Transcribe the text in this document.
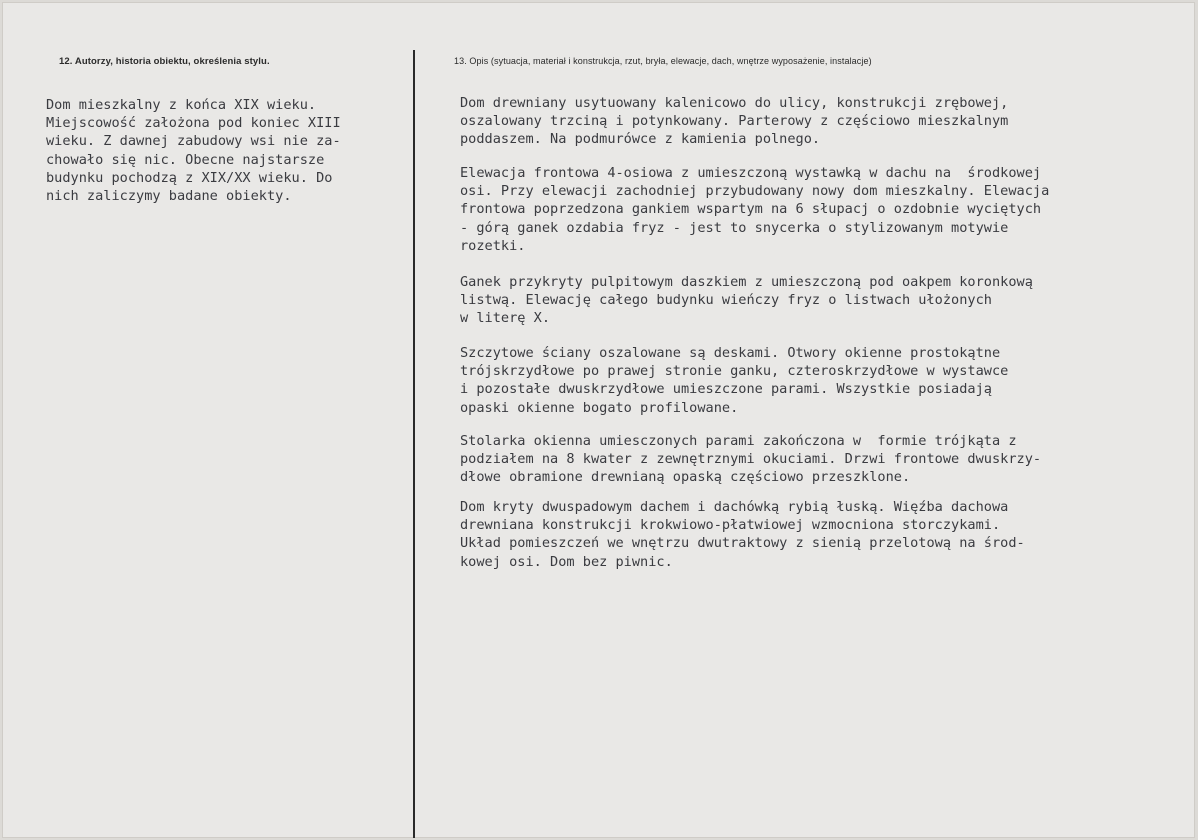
12. Autorzy, historia obiektu, określenia stylu.	13. Opis (sytuacja, materiał i konstrukcja, rzut, bryła, elewacje, dach, wnętrze wyposażenie, instalacje)
Dom mieszkalny z końca XIX wieku.
Miejscowość założona pod koniec XIII
wieku. Z dawnej zabudowy wsi nie za-
chowało się nic. Obecne najstarsze
budynku pochodzą z XIX/XX wieku. Do
nich zaliczymy badane obiekty.
Dom drewniany usytuowany kalenicowo do ulicy, konstrukcji zrębowej,
oszalowany trzciną i potynkowany. Parterowy z częściowo mieszkalnym
poddaszem. Na podmurówce z kamienia polnego.
Elewacja frontowa 4-osiowa z umieszczoną wystawką w dachu na  środkowej
osi. Przy elewacji zachodniej przybudowany nowy dom mieszkalny. Elewacja
frontowa poprzedzona gankiem wspartym na 6 słupacj o ozdobnie wyciętych
- górą ganek ozdabia fryz - jest to snycerka o stylizowanym motywie
rozetki.
Ganek przykryty pulpitowym daszkiem z umieszczoną pod oakpem koronkową
listwą. Elewację całego budynku wieńczy fryz o listwach ułożonych
w literę X.
Szczytowe ściany oszalowane są deskami. Otwory okienne prostokątne
trójskrzydłowe po prawej stronie ganku, czteroskrzydłowe w wystawce
i pozostałe dwuskrzydłowe umieszczone parami. Wszystkie posiadają
opaski okienne bogato profilowane.
Stolarka okienna umiesczonych parami zakończona w  formie trójkąta z
podziałem na 8 kwater z zewnętrznymi okuciami. Drzwi frontowe dwuskrzy-
dłowe obramione drewnianą opaską częściowo przeszklone.
Dom kryty dwuspadowym dachem i dachówką rybią łuską. Więźba dachowa
drewniana konstrukcji krokwiowo-płatwiowej wzmocniona storczykami.
Układ pomieszczeń we wnętrzu dwutraktowy z sienią przelotową na środ-
kowej osi. Dom bez piwnic.
